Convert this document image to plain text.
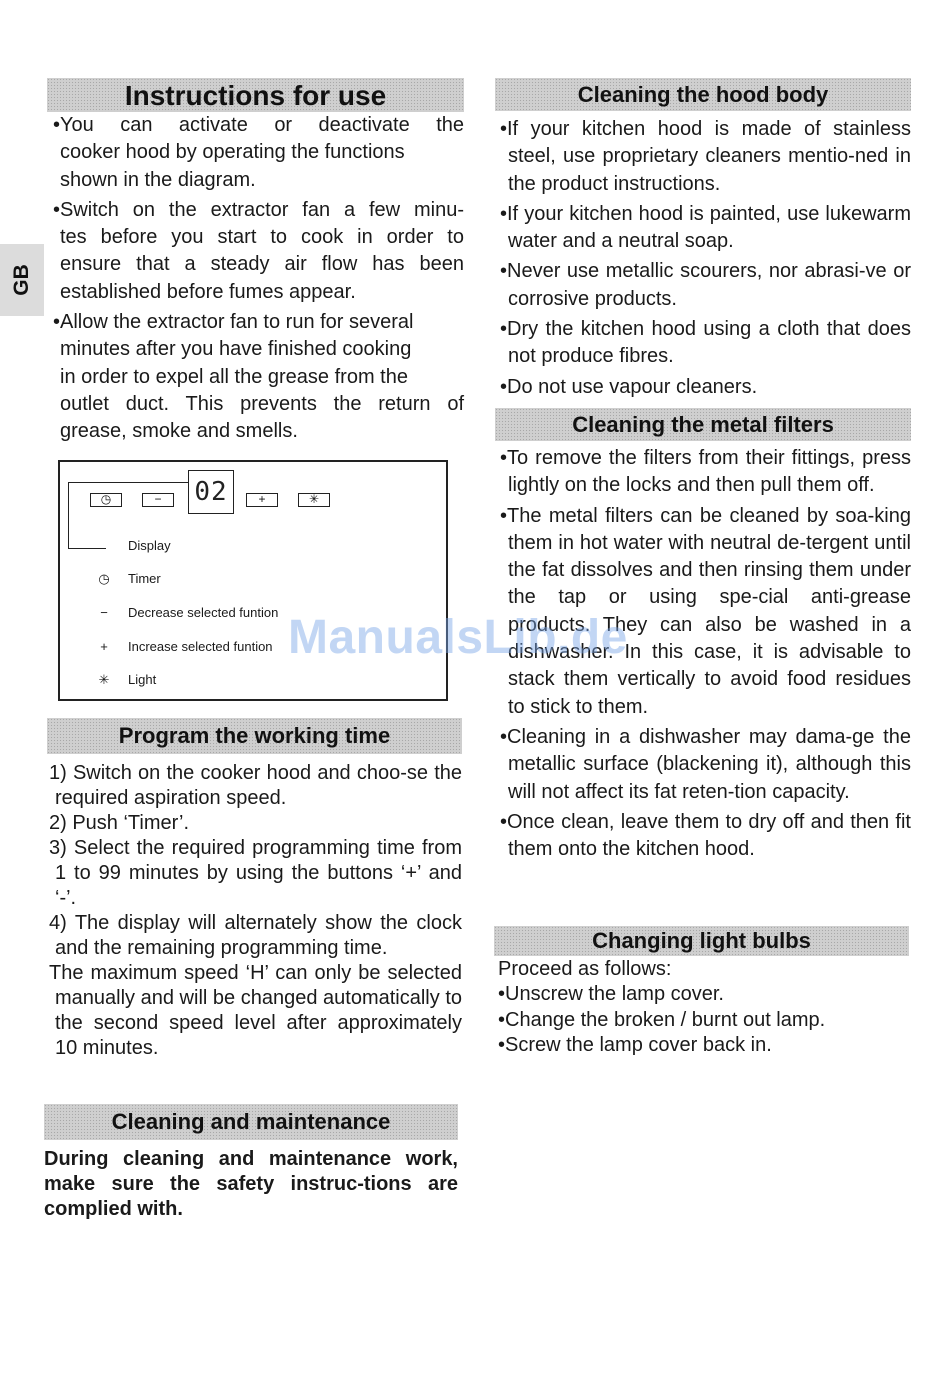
GB
Instructions for use

•You can activate or deactivate the

cooker hood by operating the functions

shown in the diagram.

•Switch on the extractor fan a few minu-

tes before you start to cook in order to

ensure that a steady air flow has been

established before fumes appear.

•Allow the extractor fan to run for several

minutes after you have finished cooking

in order to expel all the grease from the

outlet duct. This prevents the return of

grease, smoke and smells.

◷	−	02	+	✳
Display
◷ Timer
−	Decrease selected funtion
+	Increase selected funtion
✳ Light
Program the working time

1) Switch on the cooker hood and choo-se the required aspiration speed.

2) Push ‘Timer’.

3) Select the required programming time from 1 to 99 minutes by using the buttons ‘+’ and ‘-’.

4) The display will alternately show the clock and the remaining programming time.

The maximum speed ‘H’ can only be selected manually and will be changed automatically to the second speed level after approximately 10 minutes.

Cleaning and maintenance

During cleaning and maintenance work, make sure the safety instruc-tions are complied with.

Cleaning the hood body

•If your kitchen hood is made of stainless steel, use proprietary cleaners mentio-ned in the product instructions.

•If your kitchen hood is painted, use lukewarm water and a neutral soap.

•Never use metallic scourers, nor abrasi-ve or corrosive products.

•Dry the kitchen hood using a cloth that does not produce fibres.

•Do not use vapour cleaners.

Cleaning the metal filters

•To remove the filters from their fittings, press lightly on the locks and then pull them off.

•The metal filters can be cleaned by soa-king them in hot water with neutral de-tergent until the fat dissolves and then rinsing them under the tap or using spe-cial anti-grease products. They can also be washed in a dishwasher. In this case, it is advisable to stack them vertically to avoid food residues to stick to them.

•Cleaning in a dishwasher may dama-ge the metallic surface (blackening it), although this will not affect its fat reten-tion capacity.

•Once clean, leave them to dry off and then fit them onto the kitchen hood.

Changing light bulbs

Proceed as follows:

•Unscrew the lamp cover.

•Change the broken / burnt out lamp.

•Screw the lamp cover back in.

ManualsLib.de
